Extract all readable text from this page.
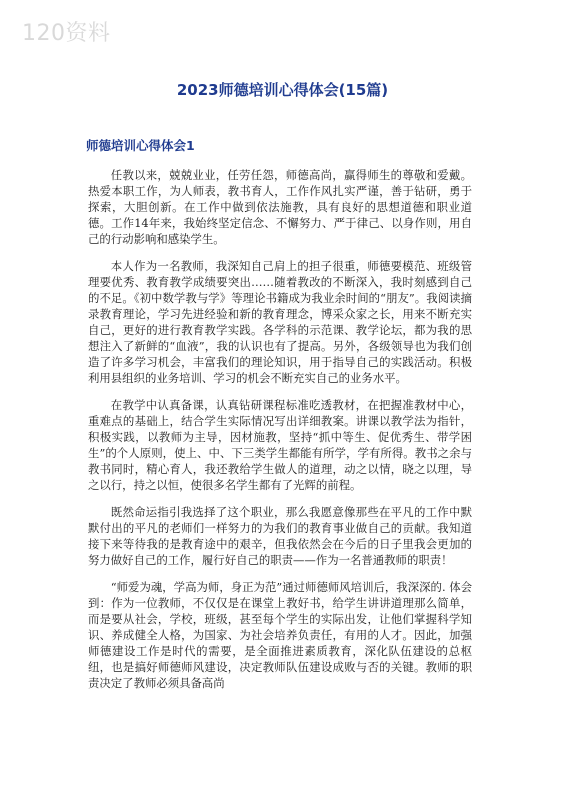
120资料
2023师德培训心得体会(15篇)
师德培训心得体会1

任教以来，兢兢业业，任劳任怨，师德高尚，赢得师生的尊敬和爱戴。热爱本职工作，为人师表，教书育人，工作作风扎实严谨，善于钻研，勇于探索，大胆创新。在工作中做到依法施教，具有良好的思想道德和职业道德。工作14年来，我始终坚定信念、不懈努力、严于律己、以身作则，用自己的行动影响和感染学生。

本人作为一名教师，我深知自己肩上的担子很重，师德要模范、班级管理要优秀、教育教学成绩要突出……随着教改的不断深入，我时刻感到自己的不足。《初中数学教与学》等理论书籍成为我业余时间的“朋友”。我阅读摘录教育理论，学习先进经验和新的教育理念，博采众家之长，用来不断充实自己，更好的进行教育教学实践。各学科的示范课、教学论坛，都为我的思想注入了新鲜的“血液”，我的认识也有了提高。另外，各级领导也为我们创造了许多学习机会，丰富我们的理论知识，用于指导自己的实践活动。积极利用县组织的业务培训、学习的机会不断充实自己的业务水平。

在教学中认真备课，认真钻研课程标准吃透教材，在把握准教材中心，重难点的基础上，结合学生实际情况写出详细教案。讲课以教学法为指针，积极实践，以教师为主导，因材施教，坚持“抓中等生、促优秀生、带学困生”的个人原则，使上、中、下三类学生都能有所学，学有所得。教书之余与教书同时，精心育人，我还教给学生做人的道理，动之以情，晓之以理，导之以行，持之以恒，使很多名学生都有了光辉的前程。

既然命运指引我选择了这个职业，那么我愿意像那些在平凡的工作中默默付出的平凡的老师们一样努力的为我们的教育事业做自己的贡献。我知道接下来等待我的是教育途中的艰辛，但我依然会在今后的日子里我会更加的努力做好自己的工作，履行好自己的职责——作为一名普通教师的职责！

“师爱为魂，学高为师，身正为范”通过师德师风培训后，我深深的. 体会到：作为一位教师，不仅仅是在课堂上教好书，给学生讲讲道理那么简单，而是要从社会，学校，班级，甚至每个学生的实际出发，让他们掌握科学知识、养成健全人格，为国家、为社会培养负责任，有用的人才。因此，加强师德建设工作是时代的需要，是全面推进素质教育，深化队伍建设的总枢纽，也是搞好师德师风建设，决定教师队伍建设成败与否的关键。教师的职责决定了教师必须具备高尚
